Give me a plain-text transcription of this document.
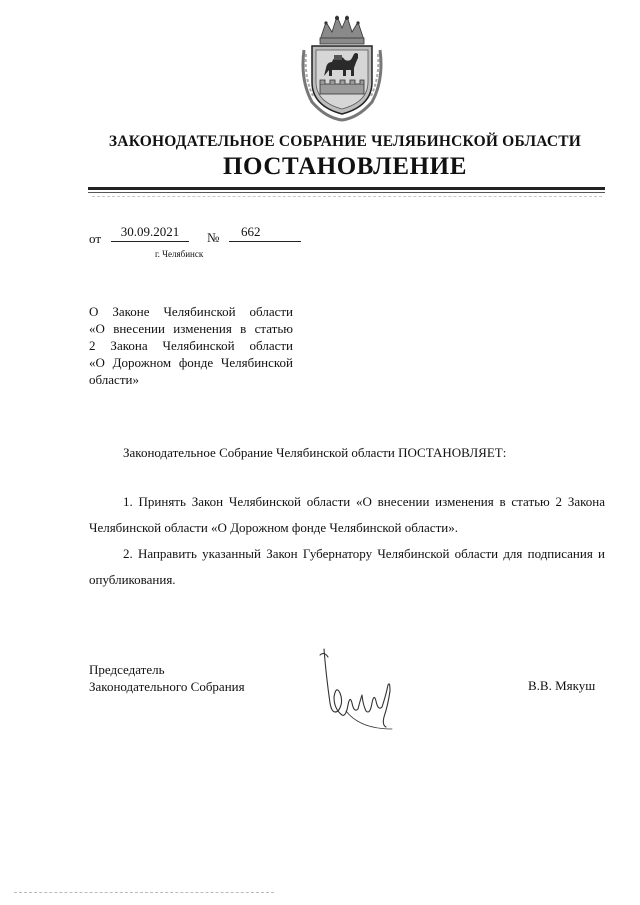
ЗАКОНОДАТЕЛЬНОЕ СОБРАНИЕ ЧЕЛЯБИНСКОЙ ОБЛАСТИ
ПОСТАНОВЛЕНИЕ
от	30.09.2021	№	662
г. Челябинск
О Законе Челябинской области
«О внесении изменения в статью
2 Закона Челябинской области
«О Дорожном фонде Челябинской
области»
Законодательное Собрание Челябинской области ПОСТАНОВЛЯЕТ:

1. Принять Закон Челябинской области «О внесении изменения в статью 2 Закона Челябинской области «О Дорожном фонде Челябинской области».

2. Направить указанный Закон Губернатору Челябинской области для подписания и опубликования.

Председатель
Законодательного Собрания	В.В. Мякуш
